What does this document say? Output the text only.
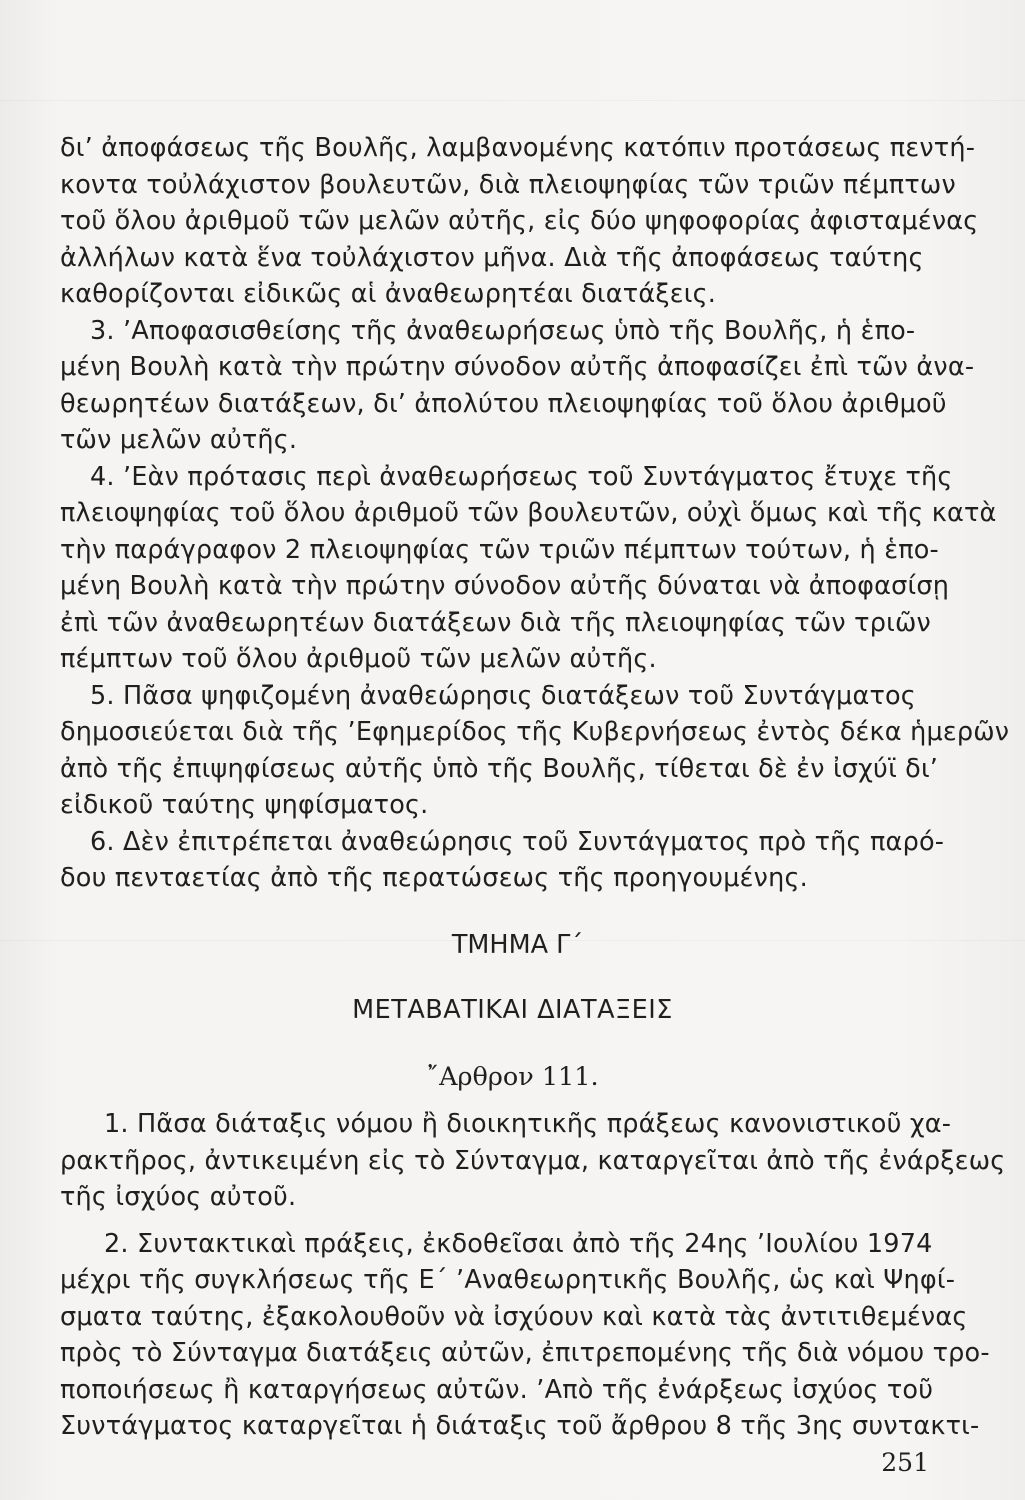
δι’ ἀποφάσεως τῆς Βουλῆς, λαμβανομένης κατόπιν προτάσεως πεντή-
κοντα τοὐλάχιστον βουλευτῶν, διὰ πλειοψηφίας τῶν τριῶν πέμπτων
τοῦ ὅλου ἀριθμοῦ τῶν μελῶν αὐτῆς, εἰς δύο ψηφοφορίας ἀφισταμένας
ἀλλήλων κατὰ ἕνα τοὐλάχιστον μῆνα. Διὰ τῆς ἀποφάσεως ταύτης
καθορίζονται εἰδικῶς αἱ ἀναθεωρητέαι διατάξεις.
3. ’Αποφασισθείσης τῆς ἀναθεωρήσεως ὑπὸ τῆς Βουλῆς, ἡ ἑπο-
μένη Βουλὴ κατὰ τὴν πρώτην σύνοδον αὐτῆς ἀποφασίζει ἐπὶ τῶν ἀνα-
θεωρητέων διατάξεων, δι’ ἀπολύτου πλειοψηφίας τοῦ ὅλου ἀριθμοῦ
τῶν μελῶν αὐτῆς.
4. ’Εὰν πρότασις περὶ ἀναθεωρήσεως τοῦ Συντάγματος ἔτυχε τῆς
πλειοψηφίας τοῦ ὅλου ἀριθμοῦ τῶν βουλευτῶν, οὐχὶ ὅμως καὶ τῆς κατὰ
τὴν παράγραφον 2 πλειοψηφίας τῶν τριῶν πέμπτων τούτων, ἡ ἑπο-
μένη Βουλὴ κατὰ τὴν πρώτην σύνοδον αὐτῆς δύναται νὰ ἀποφασίσῃ
ἐπὶ τῶν ἀναθεωρητέων διατάξεων διὰ τῆς πλειοψηφίας τῶν τριῶν
πέμπτων τοῦ ὅλου ἀριθμοῦ τῶν μελῶν αὐτῆς.
5. Πᾶσα ψηφιζομένη ἀναθεώρησις διατάξεων τοῦ Συντάγματος
δημοσιεύεται διὰ τῆς ’Εφημερίδος τῆς Κυβερνήσεως ἐντὸς δέκα ἡμερῶν
ἀπὸ τῆς ἐπιψηφίσεως αὐτῆς ὑπὸ τῆς Βουλῆς, τίθεται δὲ ἐν ἰσχύϊ δι’
εἰδικοῦ ταύτης ψηφίσματος.
6. Δὲν ἐπιτρέπεται ἀναθεώρησις τοῦ Συντάγματος πρὸ τῆς παρό-
δου πενταετίας ἀπὸ τῆς περατώσεως τῆς προηγουμένης.
ΤΜΗΜΑ Γ΄
ΜΕΤΑΒΑΤΙΚΑΙ ΔΙΑΤΑΞΕΙΣ
῎Αρθρον 111.
1. Πᾶσα διάταξις νόμου ἢ διοικητικῆς πράξεως κανονιστικοῦ χα-
ρακτῆρος, ἀντικειμένη εἰς τὸ Σύνταγμα, καταργεῖται ἀπὸ τῆς ἐνάρξεως
τῆς ἰσχύος αὐτοῦ.
2. Συντακτικαὶ πράξεις, ἐκδοθεῖσαι ἀπὸ τῆς 24ης ’Ιουλίου 1974
μέχρι τῆς συγκλήσεως τῆς Ε΄ ’Αναθεωρητικῆς Βουλῆς, ὡς καὶ Ψηφί-
σματα ταύτης, ἐξακολουθοῦν νὰ ἰσχύουν καὶ κατὰ τὰς ἀντιτιθεμένας
πρὸς τὸ Σύνταγμα διατάξεις αὐτῶν, ἐπιτρεπομένης τῆς διὰ νόμου τρο-
ποποιήσεως ἢ καταργήσεως αὐτῶν. ’Απὸ τῆς ἐνάρξεως ἰσχύος τοῦ
Συντάγματος καταργεῖται ἡ διάταξις τοῦ ἄρθρου 8 τῆς 3ης συντακτι-
251
